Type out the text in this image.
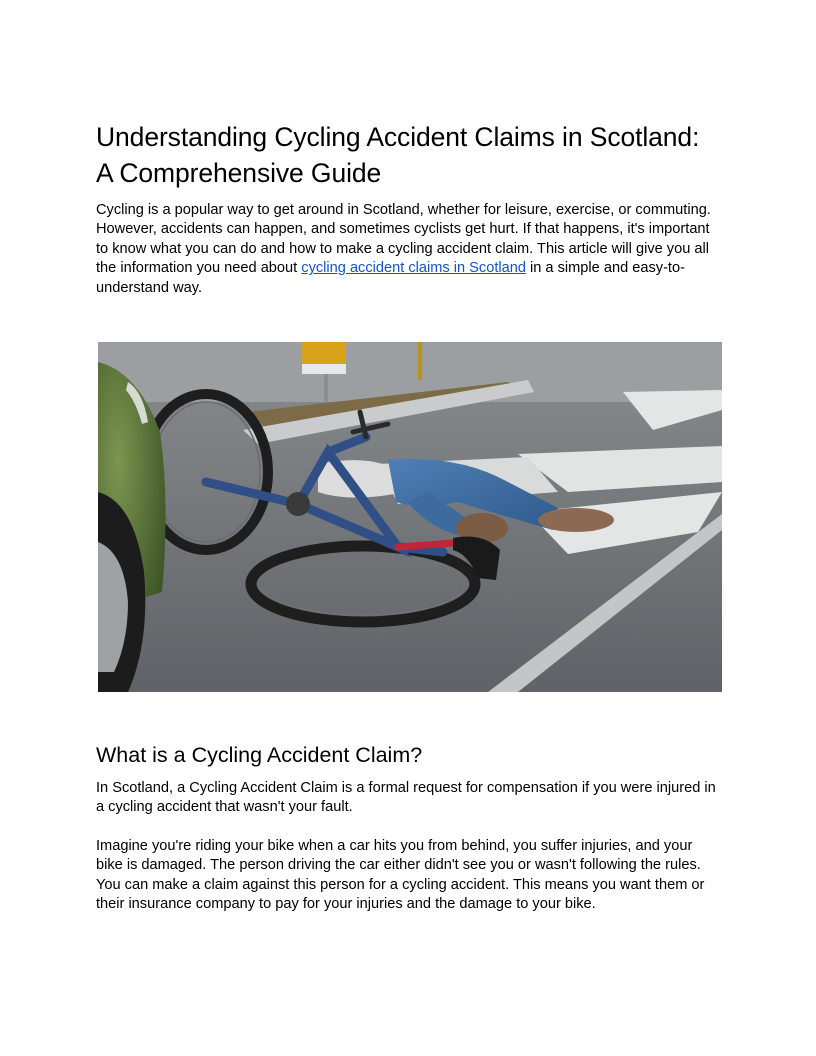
Understanding Cycling Accident Claims in Scotland:
A Comprehensive Guide

Cycling is a popular way to get around in Scotland, whether for leisure, exercise, or commuting. However, accidents can happen, and sometimes cyclists get hurt. If that happens, it's important to know what you can do and how to make a cycling accident claim. This article will give you all the information you need about cycling accident claims in Scotland in a simple and easy-to-understand way.

What is a Cycling Accident Claim?

In Scotland, a Cycling Accident Claim is a formal request for compensation if you were injured in a cycling accident that wasn't your fault.

Imagine you're riding your bike when a car hits you from behind, you suffer injuries, and your bike is damaged. The person driving the car either didn't see you or wasn't following the rules. You can make a claim against this person for a cycling accident. This means you want them or their insurance company to pay for your injuries and the damage to your bike.
